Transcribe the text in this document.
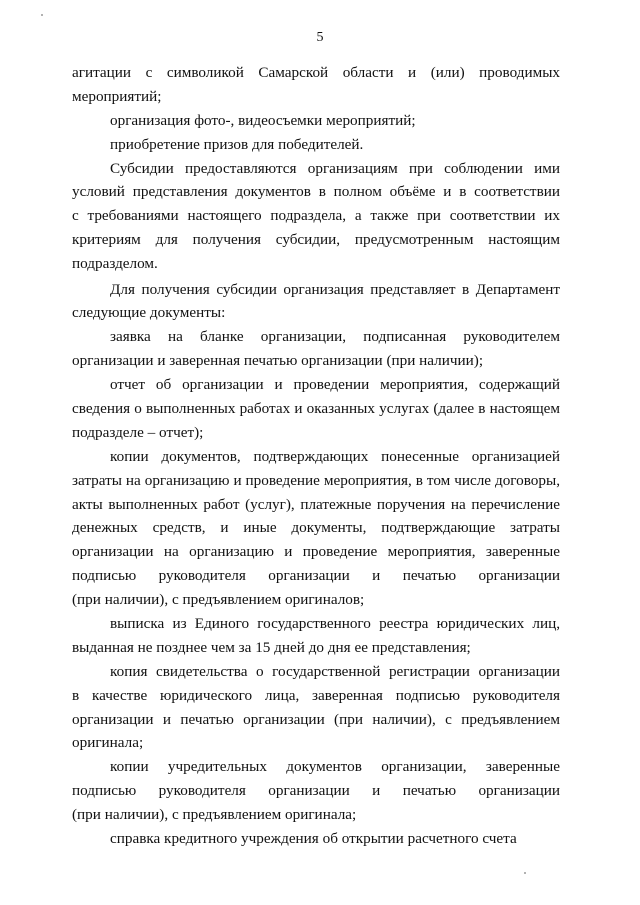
5
агитации с символикой Самарской области и (или) проводимых
мероприятий;
организация фото-, видеосъемки мероприятий;
приобретение призов для победителей.
Субсидии предоставляются организациям при соблюдении ими
условий представления документов в полном объёме и в соответствии
с требованиями настоящего подраздела, а также при соответствии их
критериям для получения субсидии, предусмотренным настоящим
подразделом.
Для получения субсидии организация представляет в Департамент
следующие документы:
заявка на бланке организации, подписанная руководителем
организации и заверенная печатью организации (при наличии);
отчет об организации и проведении мероприятия, содержащий
сведения о выполненных работах и оказанных услугах (далее в настоящем
подразделе – отчет);
копии документов, подтверждающих понесенные организацией
затраты на организацию и проведение мероприятия, в том числе договоры,
акты выполненных работ (услуг), платежные поручения на перечисление
денежных средств, и иные документы, подтверждающие затраты
организации на организацию и проведение мероприятия, заверенные
подписью руководителя организации и печатью организации
(при наличии), с предъявлением оригиналов;
выписка из Единого государственного реестра юридических лиц,
выданная не позднее чем за 15 дней до дня ее представления;
копия свидетельства о государственной регистрации организации
в качестве юридического лица, заверенная подписью руководителя
организации и печатью организации (при наличии), с предъявлением
оригинала;
копии учредительных документов организации, заверенные
подписью руководителя организации и печатью организации
(при наличии), с предъявлением оригинала;
справка кредитного учреждения об открытии расчетного счета
